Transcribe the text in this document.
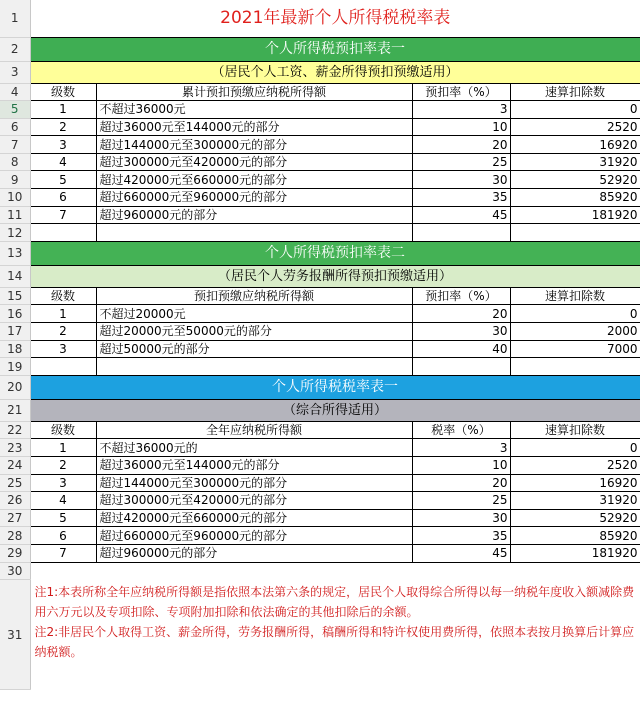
1	2021年最新个人所得税税率表			
2	个人所得税预扣率表一			
3	（居民个人工资、薪金所得预扣预缴适用）			
4	级数	累计预扣预缴应纳税所得额	预扣率（%）	速算扣除数
5	1	不超过36000元	3	0
6	2	超过36000元至144000元的部分	10	2520
7	3	超过144000元至300000元的部分	20	16920
8	4	超过300000元至420000元的部分	25	31920
9	5	超过420000元至660000元的部分	30	52920
10	6	超过660000元至960000元的部分	35	85920
11	7	超过960000元的部分	45	181920
12				
13	个人所得税预扣率表二			
14	（居民个人劳务报酬所得预扣预缴适用）			
15	级数	预扣预缴应纳税所得额	预扣率（%）	速算扣除数
16	1	不超过20000元	20	0
17	2	超过20000元至50000元的部分	30	2000
18	3	超过50000元的部分	40	7000
19				
20	个人所得税税率表一			
21	（综合所得适用）			
22	级数	全年应纳税所得额	税率（%）	速算扣除数
23	1	不超过36000元的	3	0
24	2	超过36000元至144000元的部分	10	2520
25	3	超过144000元至300000元的部分	20	16920
26	4	超过300000元至420000元的部分	25	31920
27	5	超过420000元至660000元的部分	30	52920
28	6	超过660000元至960000元的部分	35	85920
29	7	超过960000元的部分	45	181920
30				
31	注1:本表所称全年应纳税所得额是指依照本法第六条的规定，居民个人取得综合所得以每一纳税年度收入额减除费用六万元以及专项扣除、专项附加扣除和依法确定的其他扣除后的余额。

注2:非居民个人取得工资、薪金所得，劳务报酬所得，稿酬所得和特许权使用费所得，依照本表按月换算后计算应纳税额。			
